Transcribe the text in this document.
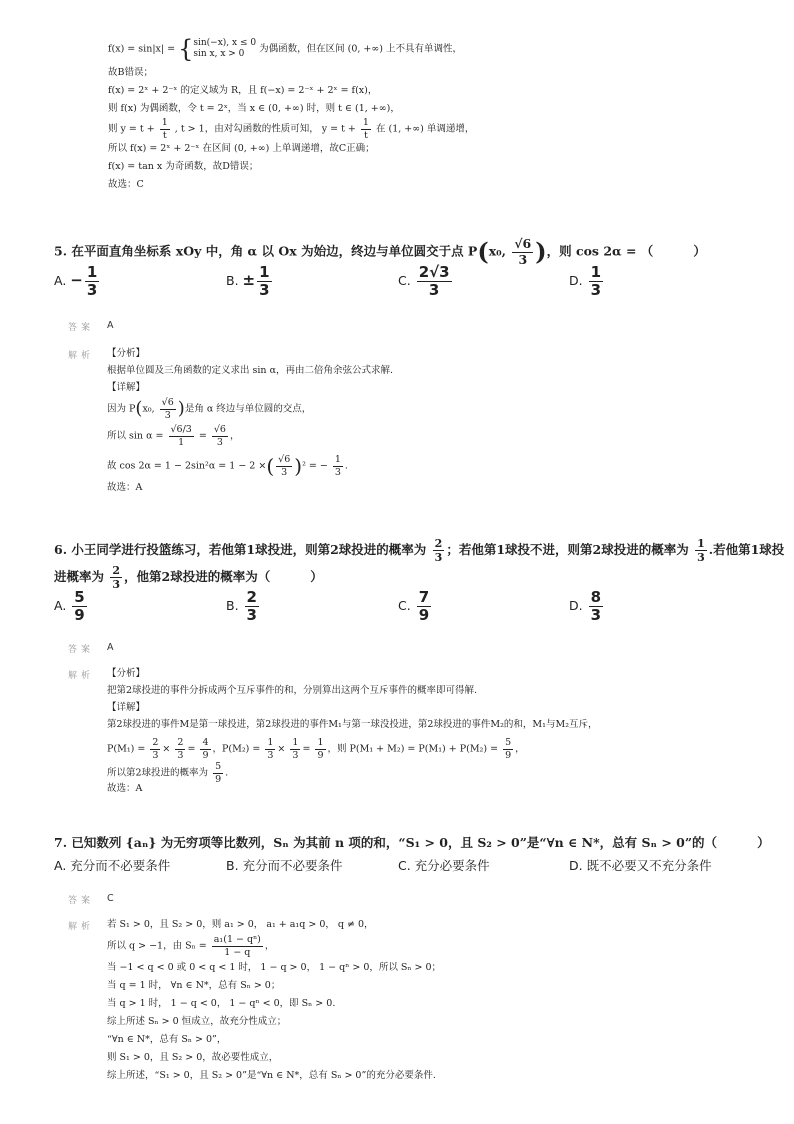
f(x) = sin|x| = { sin(−x), x ≤ 0
sin x, x > 0	为偶函数，但在区间 (0, +∞) 上不具有单调性，
故B错误；
f(x) = 2ˣ + 2⁻ˣ 的定义域为 R，且 f(−x) = 2⁻ˣ + 2ˣ = f(x)，
则 f(x) 为偶函数，令 t = 2ˣ，当 x ∈ (0, +∞) 时，则 t ∈ (1, +∞)，
则 $y = t + \frac{1}{t}$ , t > 1，由对勾函数的性质可知， $y = t + \frac{1}{t}$ 在 (1, +∞) 单调递增，
所以 f(x) = 2ˣ + 2⁻ˣ 在区间 (0, +∞) 上单调递增，故C正确；
f(x) = tan x 为奇函数，故D错误；
故选：C
5. 在平面直角坐标系 xOy 中，角 α 以 Ox 为始边，终边与单位圆交于点 P(x₀, $\frac{√6}{3}$ )，则 cos 2α = （	）
A. − $\frac{1}{3}$	B. ± $\frac{1}{3}$	C. $\frac{2√3}{3}$	D. $\frac{1}{3}$
答案 A
解析 【分析】
根据单位圆及三角函数的定义求出 sin α，再由二倍角余弦公式求解.
【详解】
因为 P(x₀, $\frac{√6}{3}$ )是角 α 终边与单位圆的交点，
所以 $\sin \alpha = \frac{√6/3}{1} = \frac{√6}{3}$ ，
故 cos 2α = 1 − 2sin²α = 1 − 2 ×( $\frac{√6}{3} )^2$ = − $\frac{1}{3}$ .
故选：A
6. 小王同学进行投篮练习，若他第1球投进，则第2球投进的概率为 $\frac{2}{3}$ ；若他第1球投不进，则第2球投进的概率为 $\frac{1}{3}$ .若他第1球投
进概率为 $\frac{2}{3}$ ，他第2球投进的概率为（	）
A. $\frac{5}{9}$	B. $\frac{2}{3}$	C. $\frac{7}{9}$	D. $\frac{8}{3}$
答案 A
解析 【分析】
把第2球投进的事件分拆成两个互斥事件的和，分别算出这两个互斥事件的概率即可得解.
【详解】
第2球投进的事件M是第一球投进，第2球投进的事件M₁与第一球没投进，第2球投进的事件M₂的和，M₁与M₂互斥，
$P(M_1) = \frac{2}{3} \times \frac{2}{3} = \frac{4}{9}$ ，$P(M_2) = \frac{1}{3} \times \frac{1}{3} = \frac{1}{9}$ ，则 $P(M_1 + M_2) = P(M_1) + P(M_2) = \frac{5}{9}$ ，
所以第2球投进的概率为 $\frac{5}{9}$ .
故选：A
7. 已知数列 {aₙ} 为无穷项等比数列，Sₙ 为其前 n 项的和，“S₁ > 0，且 S₂ > 0”是“∀n ∈ N*，总有 Sₙ > 0”的（	）
A. 充分而不必要条件	B. 充分而不必要条件	C. 充分必要条件	D. 既不必要又不充分条件
答案 C
解析 若 S₁ > 0，且 S₂ > 0，则 a₁ > 0， a₁ + a₁q > 0， q ≠ 0，
所以 q > −1，由 $S_n = \frac{\text{a₁(1 − qⁿ)}}{1 - q}$ ，
当 −1 < q < 0 或 0 < q < 1 时， 1 − q > 0， 1 − qⁿ > 0，所以 Sₙ > 0；
当 q = 1 时， ∀n ∈ N*，总有 Sₙ > 0；
当 q > 1 时， 1 − q < 0， 1 − qⁿ < 0，即 Sₙ > 0.
综上所述 Sₙ > 0 恒成立，故充分性成立；
“∀n ∈ N*，总有 Sₙ > 0”，
则 S₁ > 0，且 S₂ > 0，故必要性成立，
综上所述，“S₁ > 0，且 S₂ > 0”是“∀n ∈ N*，总有 Sₙ > 0”的充分必要条件.
